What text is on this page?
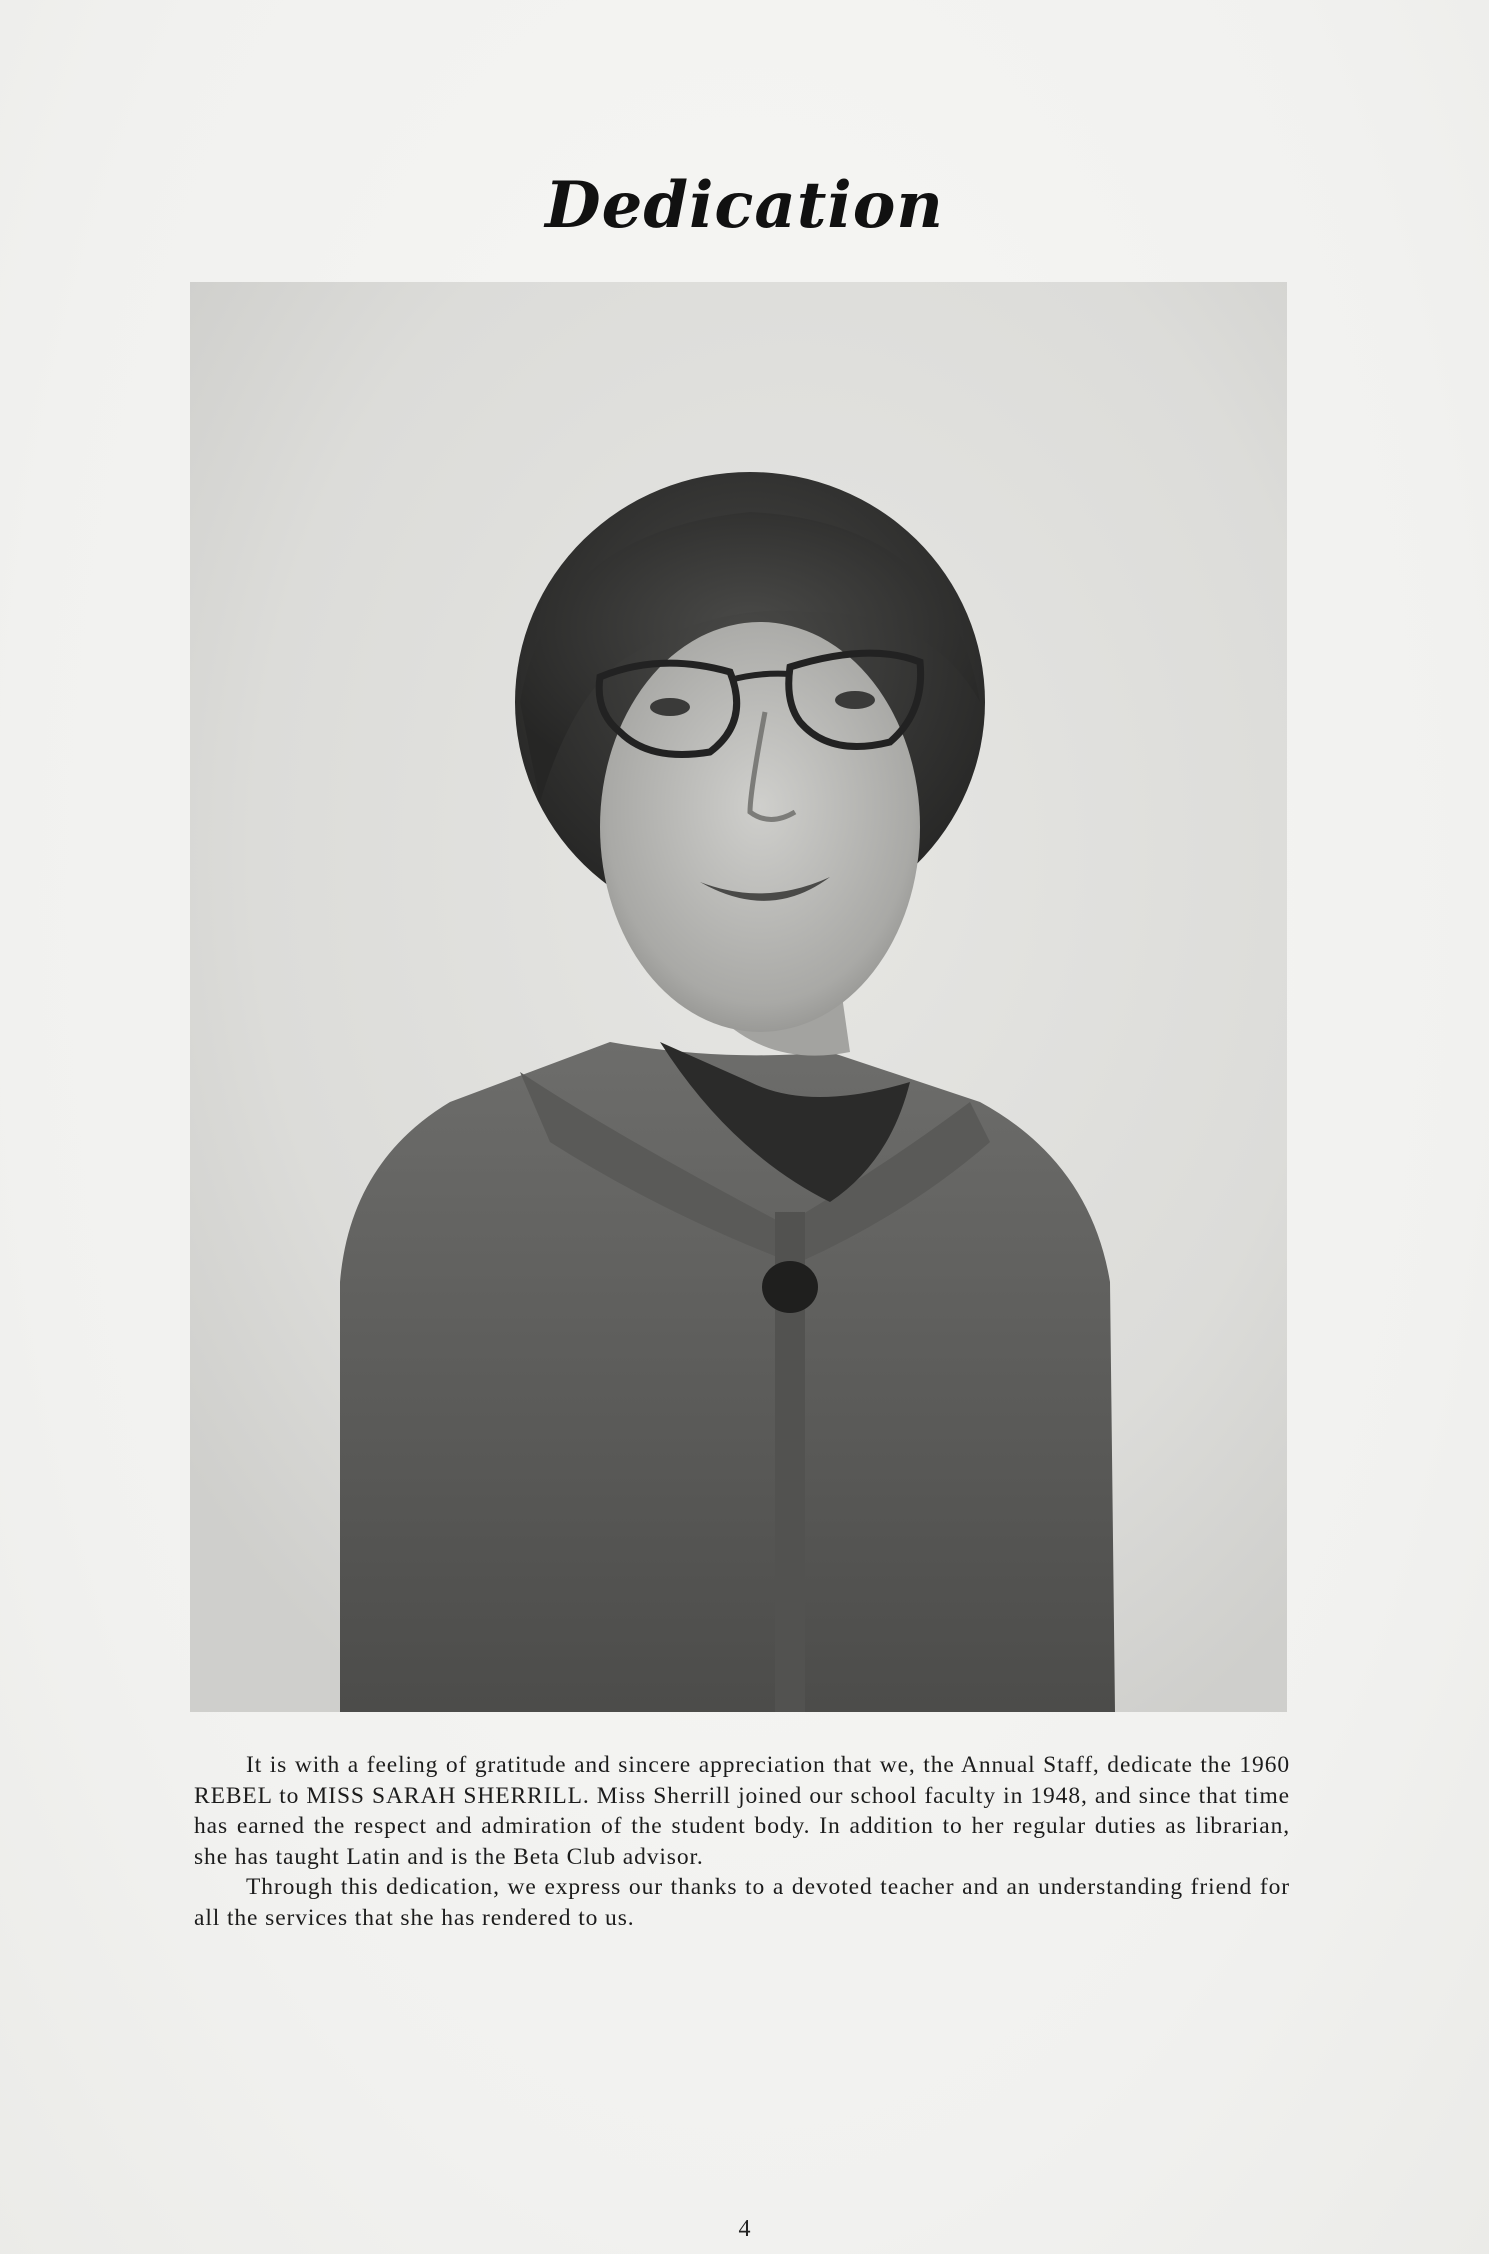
Dedication

It is with a feeling of gratitude and sincere appreciation that we, the Annual Staff, dedicate the 1960 REBEL to MISS SARAH SHERRILL. Miss Sherrill joined our school faculty in 1948, and since that time has earned the respect and admiration of the student body. In addition to her regular duties as librarian, she has taught Latin and is the Beta Club advisor.

Through this dedication, we express our thanks to a devoted teacher and an understanding friend for all the services that she has rendered to us.

4
